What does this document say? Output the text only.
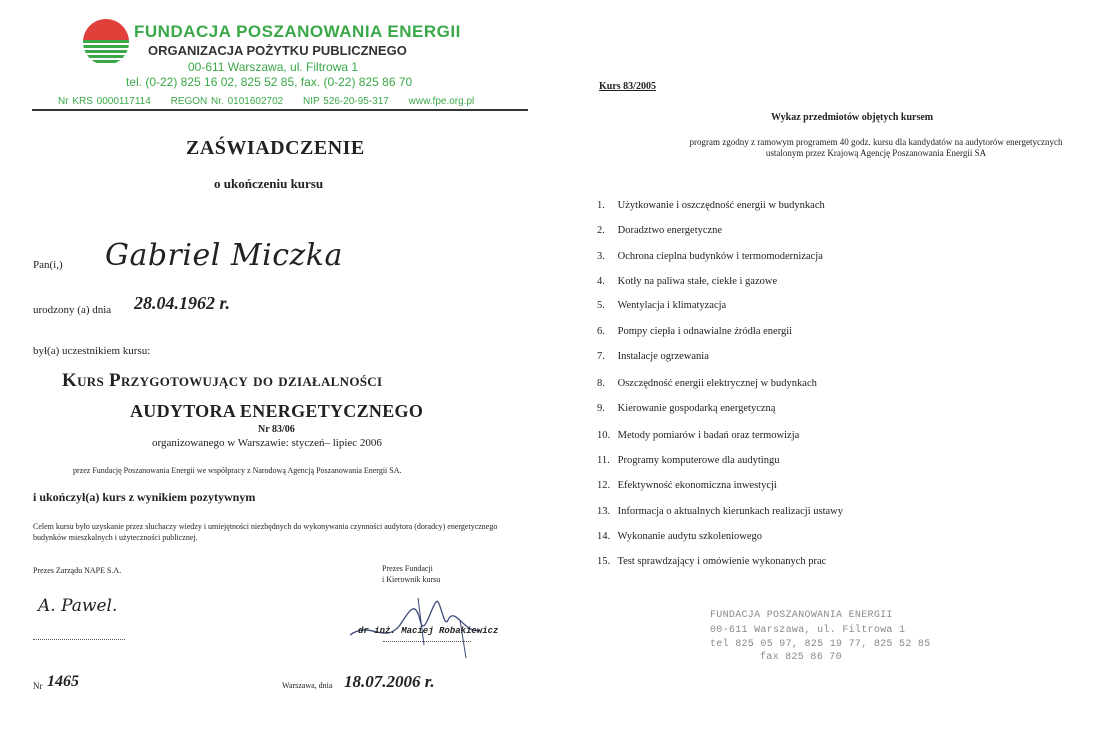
FUNDACJA POSZANOWANIA ENERGII
ORGANIZACJA POŻYTKU PUBLICZNEGO
00-611 Warszawa, ul. Filtrowa 1
tel. (0-22) 825 16 02, 825 52 85, fax. (0-22) 825 86 70
Nr KRS 0000117114 REGON Nr. 0101602702 NIP 526-20-95-317 www.fpe.org.pl
ZAŚWIADCZENIE
o ukończeniu kursu
Pan(i,) Gabriel Miczka
urodzony (a) dnia 28.04.1962 r.
był(a) uczestnikiem kursu:
Kurs Przygotowujący do działalności
AUDYTORA ENERGETYCZNEGO
Nr 83/06
organizowanego w Warszawie: styczeń– lipiec 2006
przez Fundację Poszanowania Energii we współpracy z Narodową Agencją Poszanowania Energii SA.
i ukończył(a) kurs z wynikiem pozytywnym
Celem kursu było uzyskanie przez słuchaczy wiedzy i umiejętności niezbędnych do wykonywania czynności audytora (doradcy) energetycznego budynków mieszkalnych i użyteczności publicznej.
Prezes Zarządu NAPE S.A.
A. Pawel.
Prezes Fundacji
i Kierownik kursu
dr inż. Maciej Robakiewicz
Nr 1465	Warszawa, dnia 18.07.2006 r.
Kurs 83/2005
Wykaz przedmiotów objętych kursem
program zgodny z ramowym programem 40 godz. kursu dla kandydatów na audytorów energetycznych ustalonym przez Krajową Agencję Poszanowania Energii SA
1. Użytkowanie i oszczędność energii w budynkach
2. Doradztwo energetyczne
3. Ochrona cieplna budynków i termomodernizacja
4. Kotły na paliwa stałe, ciekłe i gazowe
5. Wentylacja i klimatyzacja
6. Pompy ciepła i odnawialne źródła energii
7. Instalacje ogrzewania
8. Oszczędność energii elektrycznej w budynkach
9. Kierowanie gospodarką energetyczną
10. Metody pomiarów i badań oraz termowizja
11. Programy komputerowe dla audytingu
12. Efektywność ekonomiczna inwestycji
13. Informacja o aktualnych kierunkach realizacji ustawy
14. Wykonanie audytu szkoleniowego
15. Test sprawdzający i omówienie wykonanych prac
FUNDACJA POSZANOWANIA ENERGII
00-611 Warszawa, ul. Filtrowa 1
tel 825 05 97, 825 19 77, 825 52 85
fax 825 86 70
